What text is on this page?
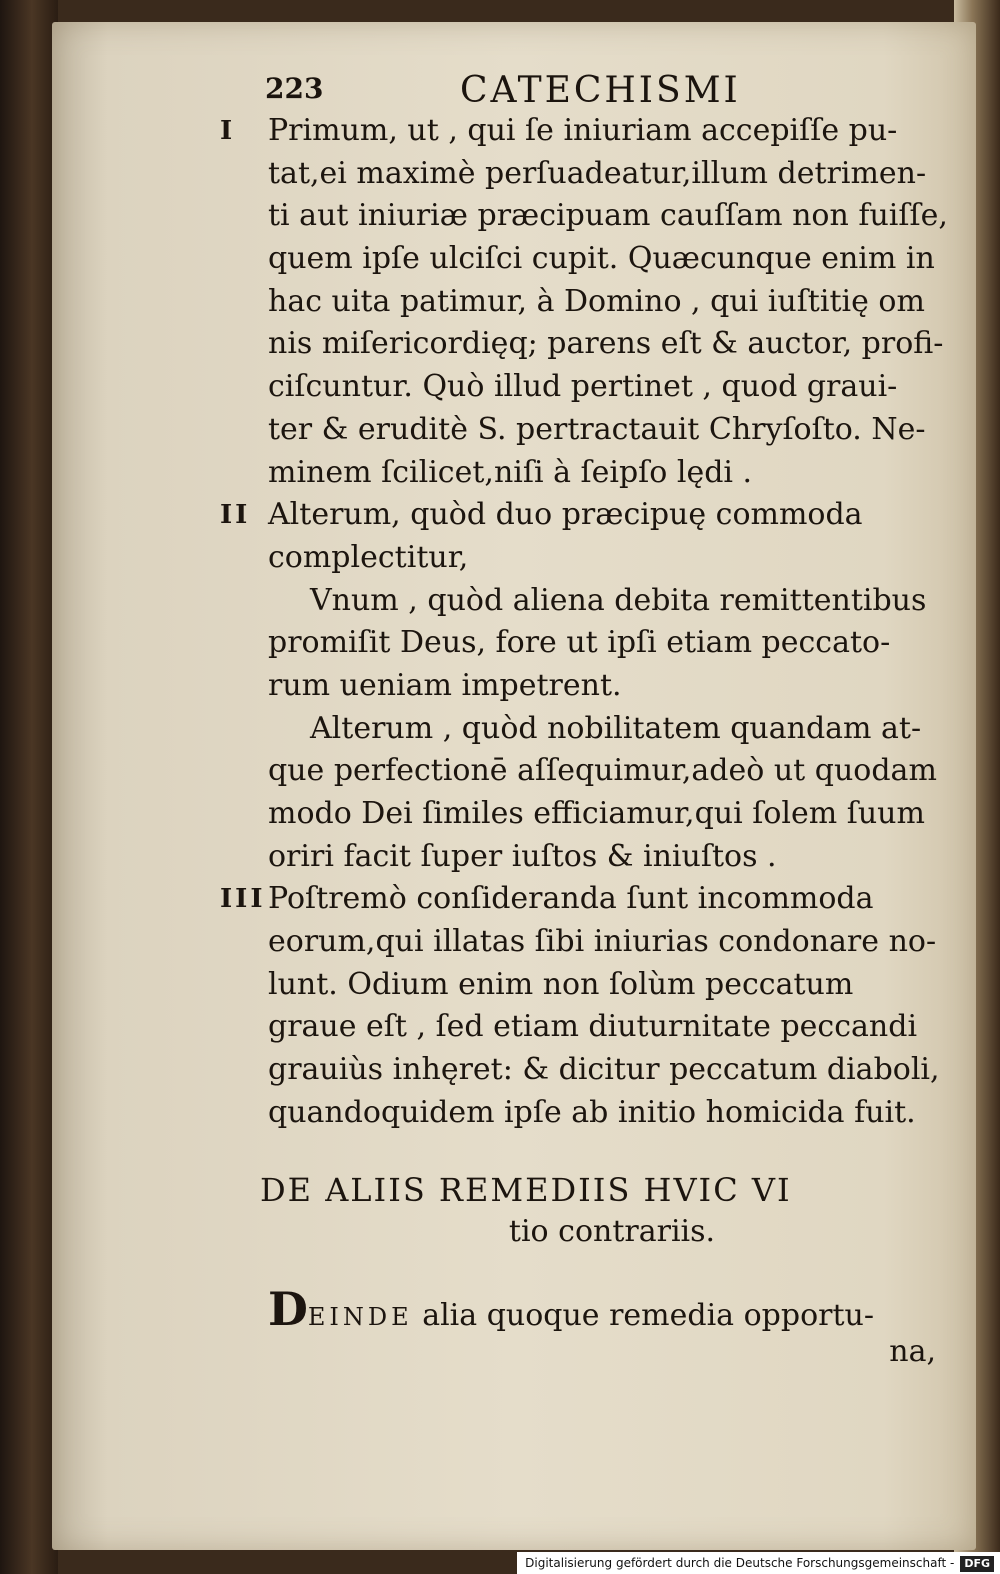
223	CATECHISMI
I Primum, ut , qui ſe iniuriam accepiſſe pu-
tat,ei maximè perſuadeatur,illum detrimen-
ti aut iniuriæ præcipuam cauſſam non fuiſſe,
quem ipſe ulciſci cupit. Quæcunque enim in
hac uita patimur, à Domino , qui iuſtitię om
nis miſericordięq; parens eſt & auctor, profi-
ciſcuntur. Quò illud pertinet , quod graui-
ter & eruditè S. pertractauit Chryſoſto. Ne-
minem ſcilicet,niſi à ſeipſo lędi .
II Alterum, quòd duo præcipuę commoda
complectitur,
Vnum , quòd aliena debita remittentibus
promiſit Deus, fore ut ipſi etiam peccato-
rum ueniam impetrent.
Alterum , quòd nobilitatem quandam at-
que perfectionē aſſequimur,adeò ut quodam
modo Dei ſimiles efficiamur,qui ſolem ſuum
oriri facit ſuper iuſtos & iniuſtos .
III Poſtremò conſideranda ſunt incommoda
eorum,qui illatas ſibi iniurias condonare no-
lunt. Odium enim non ſolùm peccatum
graue eſt , ſed etiam diuturnitate peccandi
grauiùs inhęret: & dicitur peccatum diaboli,
quandoquidem ipſe ab initio homicida fuit.
DE ALIIS REMEDIIS HVIC VI
tio contrariis.
DEINDE alia quoque remedia opportu-
na,
Digitalisierung gefördert durch die Deutsche Forschungsgemeinschaft - DFG
